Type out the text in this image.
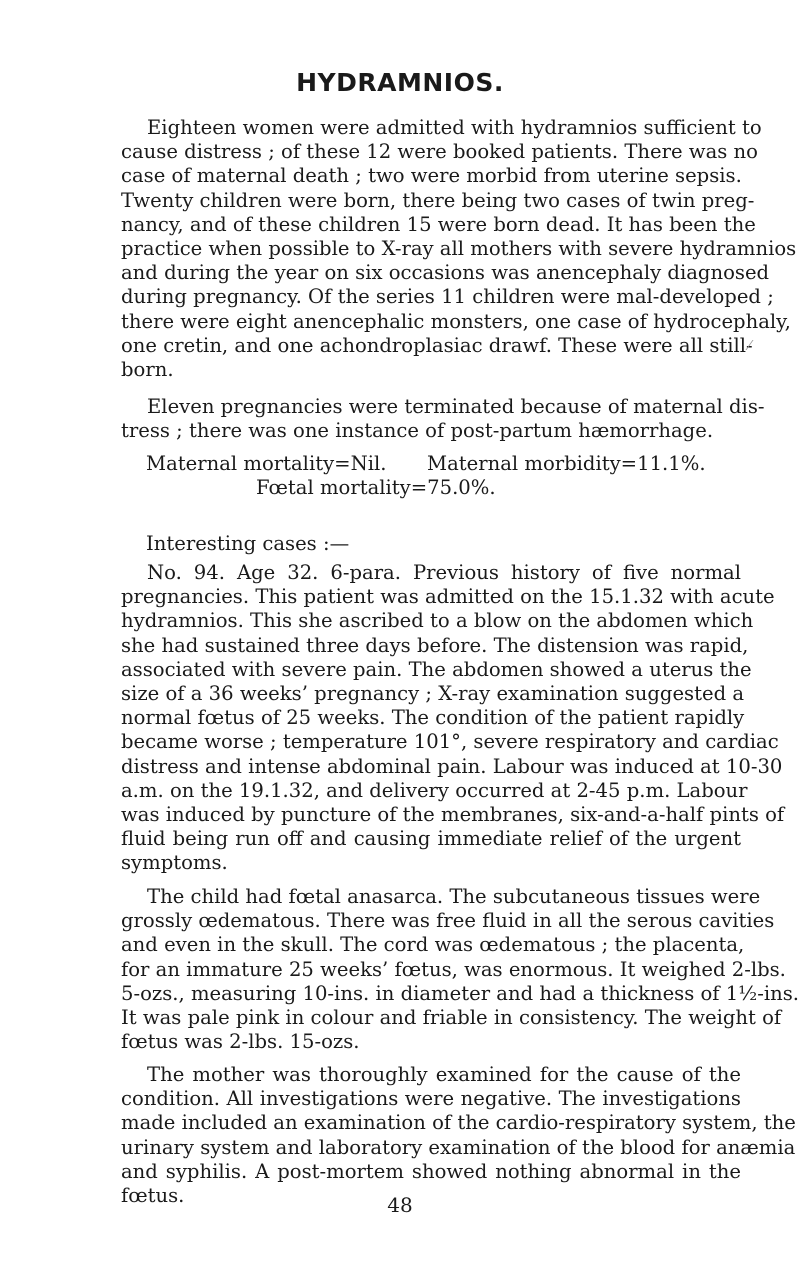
HYDRAMNIOS.
Eighteen women were admitted with hydramnios sufficient to
cause distress ; of these 12 were booked patients. There was no
case of maternal death ; two were morbid from uterine sepsis.
Twenty children were born, there being two cases of twin preg-
nancy, and of these children 15 were born dead. It has been the
practice when possible to X-ray all mothers with severe hydramnios
and during the year on six occasions was anencephaly diagnosed
during pregnancy. Of the series 11 children were mal-developed ;
there were eight anencephalic monsters, one case of hydrocephaly,
one cretin, and one achondroplasiac drawf. These were all still-
born.
Eleven pregnancies were terminated because of maternal dis-
tress ; there was one instance of post-partum hæmorrhage.
Maternal mortality=Nil. Maternal morbidity=11.1%.
Fœtal mortality=75.0%.
Interesting cases :—
No. 94. Age 32. 6-para. Previous history of five normal
pregnancies. This patient was admitted on the 15.1.32 with acute
hydramnios. This she ascribed to a blow on the abdomen which
she had sustained three days before. The distension was rapid,
associated with severe pain. The abdomen showed a uterus the
size of a 36 weeks’ pregnancy ; X-ray examination suggested a
normal fœtus of 25 weeks. The condition of the patient rapidly
became worse ; temperature 101°, severe respiratory and cardiac
distress and intense abdominal pain. Labour was induced at 10-30
a.m. on the 19.1.32, and delivery occurred at 2-45 p.m. Labour
was induced by puncture of the membranes, six-and-a-half pints of
fluid being run off and causing immediate relief of the urgent
symptoms.
The child had fœtal anasarca. The subcutaneous tissues were
grossly œdematous. There was free fluid in all the serous cavities
and even in the skull. The cord was œdematous ; the placenta,
for an immature 25 weeks’ fœtus, was enormous. It weighed 2-lbs.
5-ozs., measuring 10-ins. in diameter and had a thickness of 1½-ins.
It was pale pink in colour and friable in consistency. The weight of
fœtus was 2-lbs. 15-ozs.
The mother was thoroughly examined for the cause of the
condition. All investigations were negative. The investigations
made included an examination of the cardio-respiratory system, the
urinary system and laboratory examination of the blood for anæmia
and syphilis. A post-mortem showed nothing abnormal in the
fœtus.	48
